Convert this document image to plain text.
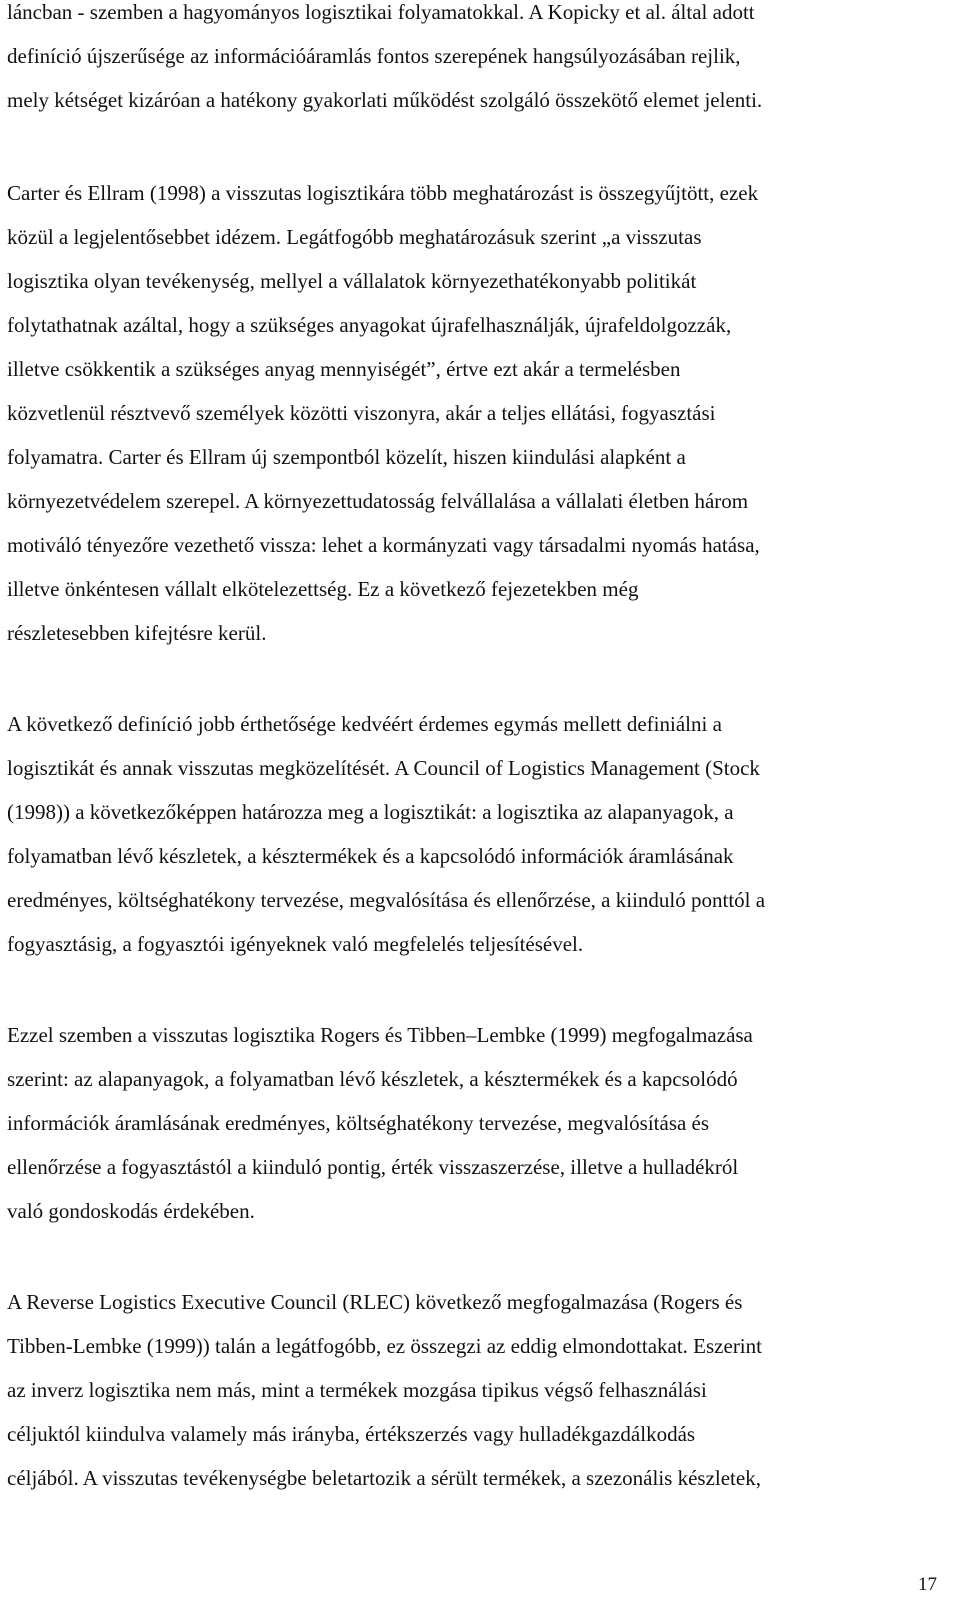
láncban - szemben a hagyományos logisztikai folyamatokkal. A Kopicky et al. által adott
definíció újszerűsége az információáramlás fontos szerepének hangsúlyozásában rejlik,
mely kétséget kizáróan a hatékony gyakorlati működést szolgáló összekötő elemet jelenti.

Carter és Ellram (1998) a visszutas logisztikára több meghatározást is összegyűjtött, ezek
közül a legjelentősebbet idézem. Legátfogóbb meghatározásuk szerint „a visszutas
logisztika olyan tevékenység, mellyel a vállalatok környezethatékonyabb politikát
folytathatnak azáltal, hogy a szükséges anyagokat újrafelhasználják, újrafeldolgozzák,
illetve csökkentik a szükséges anyag mennyiségét”, értve ezt akár a termelésben
közvetlenül résztvevő személyek közötti viszonyra, akár a teljes ellátási, fogyasztási
folyamatra. Carter és Ellram új szempontból közelít, hiszen kiindulási alapként a
környezetvédelem szerepel. A környezettudatosság felvállalása a vállalati életben három
motiváló tényezőre vezethető vissza: lehet a kormányzati vagy társadalmi nyomás hatása,
illetve önkéntesen vállalt elkötelezettség. Ez a következő fejezetekben még
részletesebben kifejtésre kerül.

A következő definíció jobb érthetősége kedvéért érdemes egymás mellett definiálni a
logisztikát és annak visszutas megközelítését. A Council of Logistics Management (Stock
(1998)) a következőképpen határozza meg a logisztikát: a logisztika az alapanyagok, a
folyamatban lévő készletek, a késztermékek és a kapcsolódó információk áramlásának
eredményes, költséghatékony tervezése, megvalósítása és ellenőrzése, a kiinduló ponttól a
fogyasztásig, a fogyasztói igényeknek való megfelelés teljesítésével.

Ezzel szemben a visszutas logisztika Rogers és Tibben–Lembke (1999) megfogalmazása
szerint: az alapanyagok, a folyamatban lévő készletek, a késztermékek és a kapcsolódó
információk áramlásának eredményes, költséghatékony tervezése, megvalósítása és
ellenőrzése a fogyasztástól a kiinduló pontig, érték visszaszerzése, illetve a hulladékról
való gondoskodás érdekében.

A Reverse Logistics Executive Council (RLEC) következő megfogalmazása (Rogers és
Tibben-Lembke (1999)) talán a legátfogóbb, ez összegzi az eddig elmondottakat. Eszerint
az inverz logisztika nem más, mint a termékek mozgása tipikus végső felhasználási
céljuktól kiindulva valamely más irányba, értékszerzés vagy hulladékgazdálkodás
céljából. A visszutas tevékenységbe beletartozik a sérült termékek, a szezonális készletek,

17
